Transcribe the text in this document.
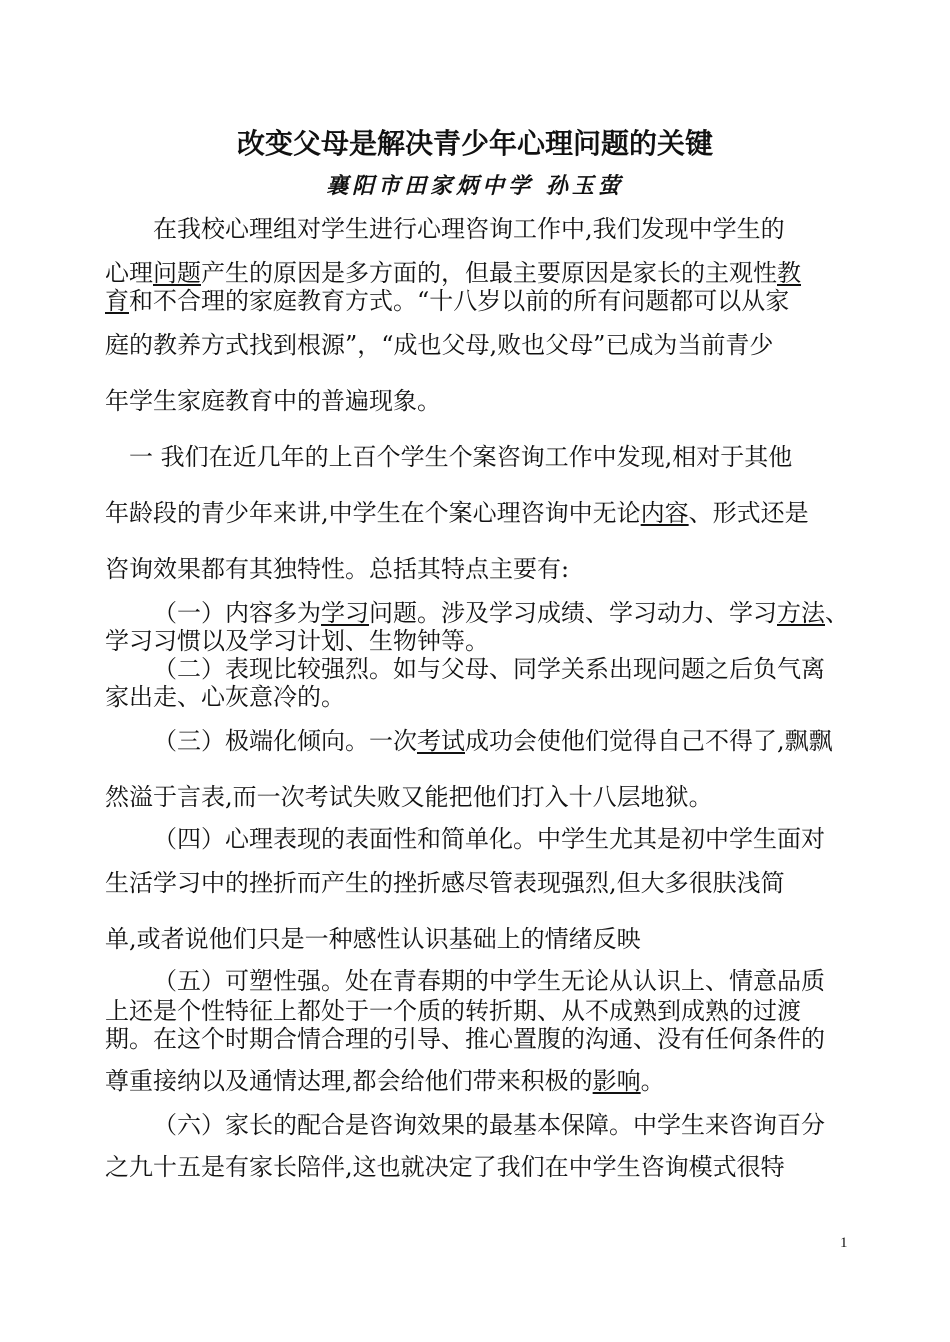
改变父母是解决青少年心理问题的关键
襄阳市田家炳中学 孙玉萤
在我校心理组对学生进行心理咨询工作中,我们发现中学生的
心理问题产生的原因是多方面的，但最主要原因是家长的主观性教
育和不合理的家庭教育方式。“十八岁以前的所有问题都可以从家
庭的教养方式找到根源”，“成也父母,败也父母”已成为当前青少
年学生家庭教育中的普遍现象。
一 我们在近几年的上百个学生个案咨询工作中发现,相对于其他
年龄段的青少年来讲,中学生在个案心理咨询中无论内容、形式还是
咨询效果都有其独特性。总括其特点主要有:
（一）内容多为学习问题。涉及学习成绩、学习动力、学习方法、
学习习惯以及学习计划、生物钟等。
（二）表现比较强烈。如与父母、同学关系出现问题之后负气离
家出走、心灰意冷的。
（三）极端化倾向。一次考试成功会使他们觉得自己不得了,飘飘
然溢于言表,而一次考试失败又能把他们打入十八层地狱。
（四）心理表现的表面性和简单化。中学生尤其是初中学生面对
生活学习中的挫折而产生的挫折感尽管表现强烈,但大多很肤浅简
单,或者说他们只是一种感性认识基础上的情绪反映
（五）可塑性强。处在青春期的中学生无论从认识上、情意品质
上还是个性特征上都处于一个质的转折期、从不成熟到成熟的过渡
期。在这个时期合情合理的引导、推心置腹的沟通、没有任何条件的
尊重接纳以及通情达理,都会给他们带来积极的影响。
（六）家长的配合是咨询效果的最基本保障。中学生来咨询百分
之九十五是有家长陪伴,这也就决定了我们在中学生咨询模式很特
1
